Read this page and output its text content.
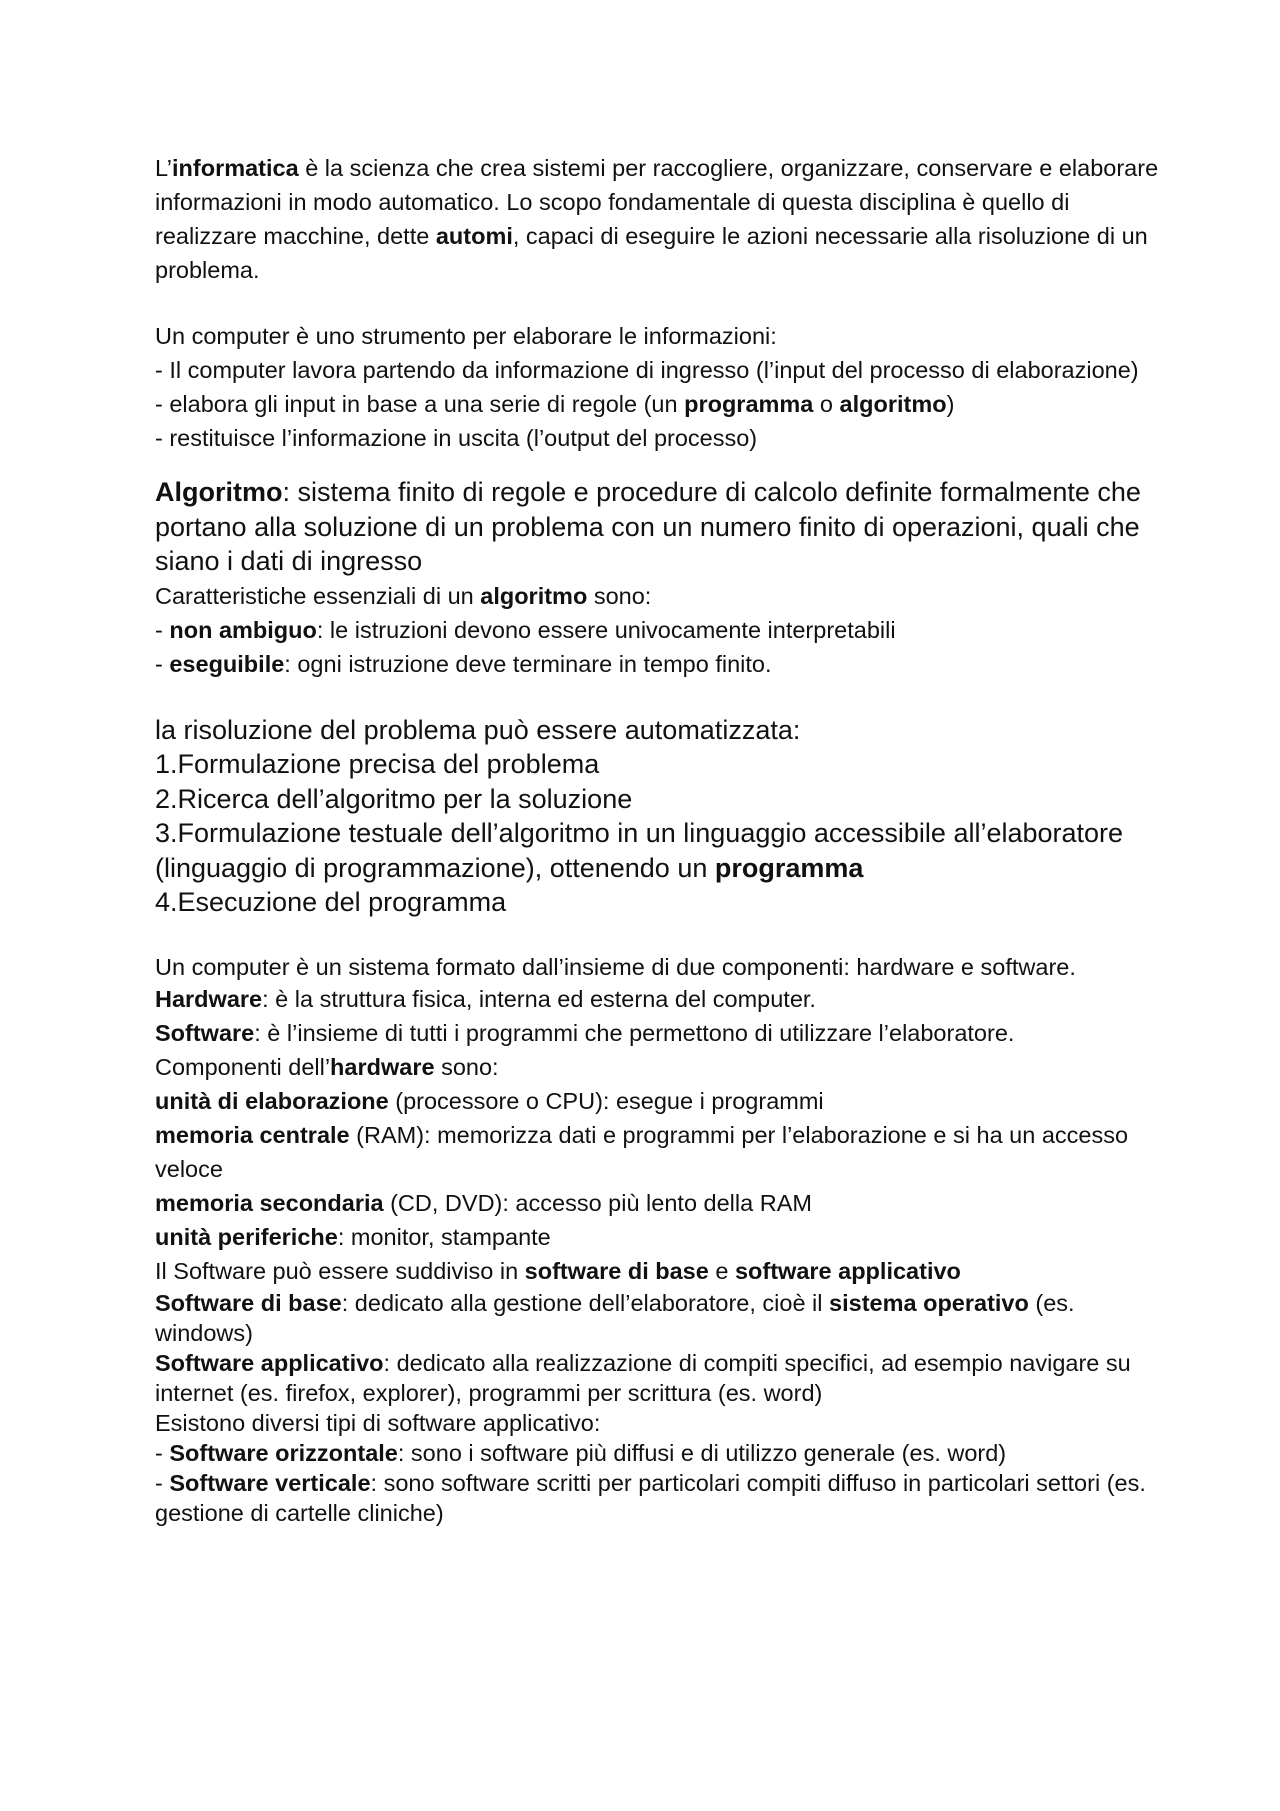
L’informatica è la scienza che crea sistemi per raccogliere, organizzare, conservare e elaborare informazioni in modo automatico. Lo scopo fondamentale di questa disciplina è quello di realizzare macchine, dette automi, capaci di eseguire le azioni necessarie alla risoluzione di un problema.

Un computer è uno strumento per elaborare le informazioni:

- Il computer lavora partendo da informazione di ingresso (l’input del processo di elaborazione)

- elabora gli input in base a una serie di regole (un programma o algoritmo)

- restituisce l’informazione in uscita (l’output del processo)

Algoritmo: sistema finito di regole e procedure di calcolo definite formalmente che portano alla soluzione di un problema con un numero finito di operazioni, quali che siano i dati di ingresso

Caratteristiche essenziali di un algoritmo sono:

- non ambiguo: le istruzioni devono essere univocamente interpretabili

- eseguibile: ogni istruzione deve terminare in tempo finito.

la risoluzione del problema può essere automatizzata:

1.Formulazione precisa del problema

2.Ricerca dell’algoritmo per la soluzione

3.Formulazione testuale dell’algoritmo in un linguaggio accessibile all’elaboratore (linguaggio di programmazione), ottenendo un programma

4.Esecuzione del programma

Un computer è un sistema formato dall’insieme di due componenti: hardware e software.

Hardware: è la struttura fisica, interna ed esterna del computer.

Software: è l’insieme di tutti i programmi che permettono di utilizzare l’elaboratore.

Componenti dell’hardware sono:

unità di elaborazione (processore o CPU): esegue i programmi

memoria centrale (RAM): memorizza dati e programmi per l’elaborazione e si ha un accesso veloce

memoria secondaria (CD, DVD): accesso più lento della RAM

unità periferiche: monitor, stampante

Il Software può essere suddiviso in software di base e software applicativo

Software di base: dedicato alla gestione dell’elaboratore, cioè il sistema operativo (es. windows)

Software applicativo: dedicato alla realizzazione di compiti specifici, ad esempio navigare su internet (es. firefox, explorer), programmi per scrittura (es. word)

Esistono diversi tipi di software applicativo:

- Software orizzontale: sono i software più diffusi e di utilizzo generale (es. word)

- Software verticale: sono software scritti per particolari compiti diffuso in particolari settori (es. gestione di cartelle cliniche)
